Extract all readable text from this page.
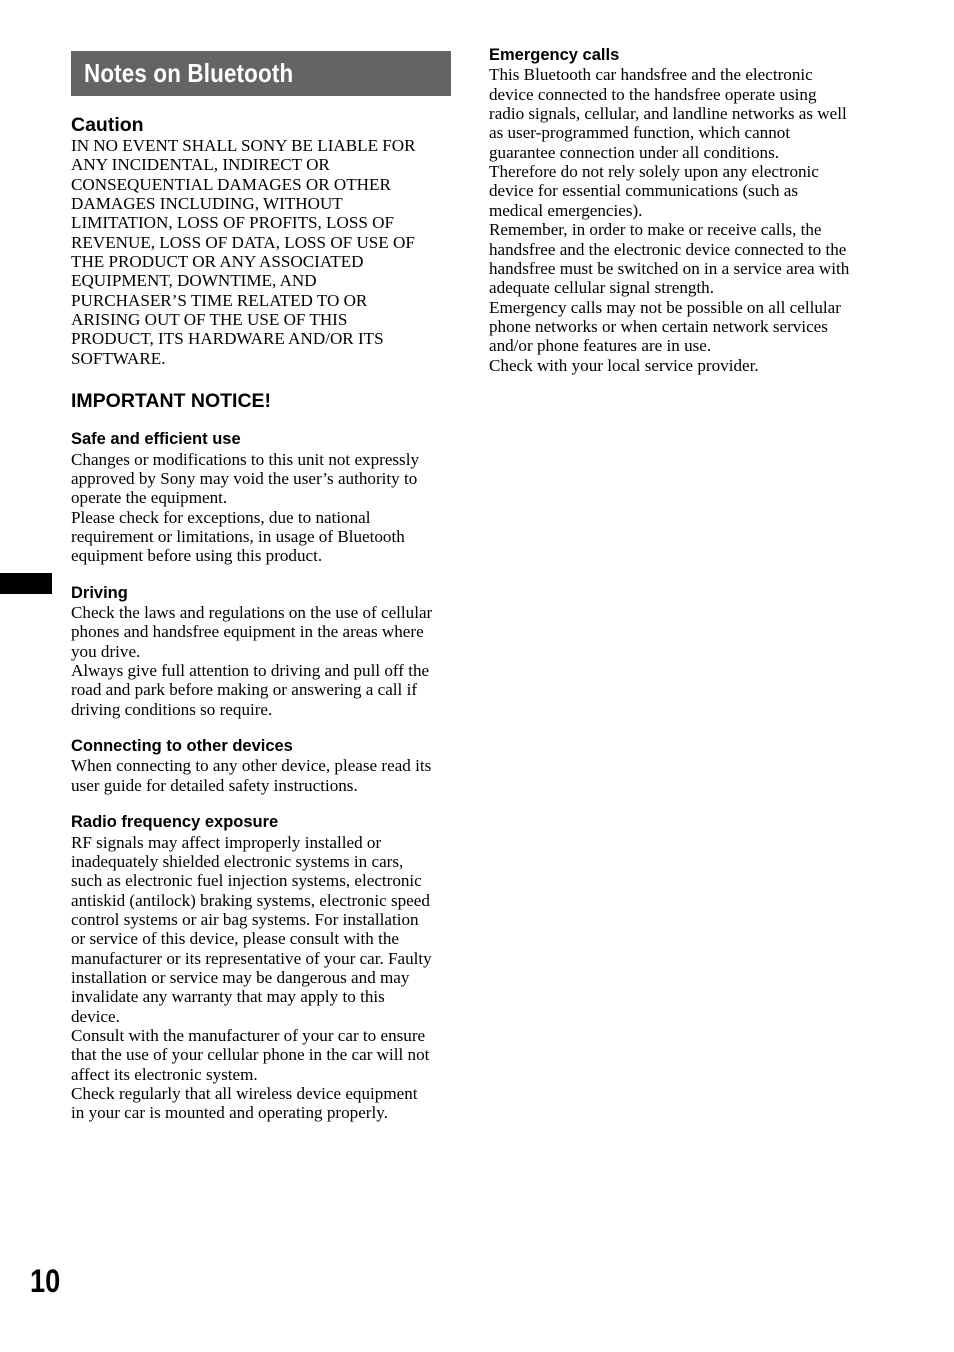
Notes on Bluetooth
Caution

IN NO EVENT SHALL SONY BE LIABLE FOR

ANY INCIDENTAL, INDIRECT OR

CONSEQUENTIAL DAMAGES OR OTHER

DAMAGES INCLUDING, WITHOUT

LIMITATION, LOSS OF PROFITS, LOSS OF

REVENUE, LOSS OF DATA, LOSS OF USE OF

THE PRODUCT OR ANY ASSOCIATED

EQUIPMENT, DOWNTIME, AND

PURCHASER’S TIME RELATED TO OR

ARISING OUT OF THE USE OF THIS

PRODUCT, ITS HARDWARE AND/OR ITS

SOFTWARE.

IMPORTANT NOTICE!
Safe and efficient use

Changes or modifications to this unit not expressly

approved by Sony may void the user’s authority to

operate the equipment.

Please check for exceptions, due to national

requirement or limitations, in usage of Bluetooth

equipment before using this product.

Driving

Check the laws and regulations on the use of cellular

phones and handsfree equipment in the areas where

you drive.

Always give full attention to driving and pull off the

road and park before making or answering a call if

driving conditions so require.

Connecting to other devices

When connecting to any other device, please read its

user guide for detailed safety instructions.

Radio frequency exposure

RF signals may affect improperly installed or

inadequately shielded electronic systems in cars,

such as electronic fuel injection systems, electronic

antiskid (antilock) braking systems, electronic speed

control systems or air bag systems. For installation

or service of this device, please consult with the

manufacturer or its representative of your car. Faulty

installation or service may be dangerous and may

invalidate any warranty that may apply to this

device.

Consult with the manufacturer of your car to ensure

that the use of your cellular phone in the car will not

affect its electronic system.

Check regularly that all wireless device equipment

in your car is mounted and operating properly.

Emergency calls

This Bluetooth car handsfree and the electronic

device connected to the handsfree operate using

radio signals, cellular, and landline networks as well

as user-programmed function, which cannot

guarantee connection under all conditions.

Therefore do not rely solely upon any electronic

device for essential communications (such as

medical emergencies).

Remember, in order to make or receive calls, the

handsfree and the electronic device connected to the

handsfree must be switched on in a service area with

adequate cellular signal strength.

Emergency calls may not be possible on all cellular

phone networks or when certain network services

and/or phone features are in use.

Check with your local service provider.

10
